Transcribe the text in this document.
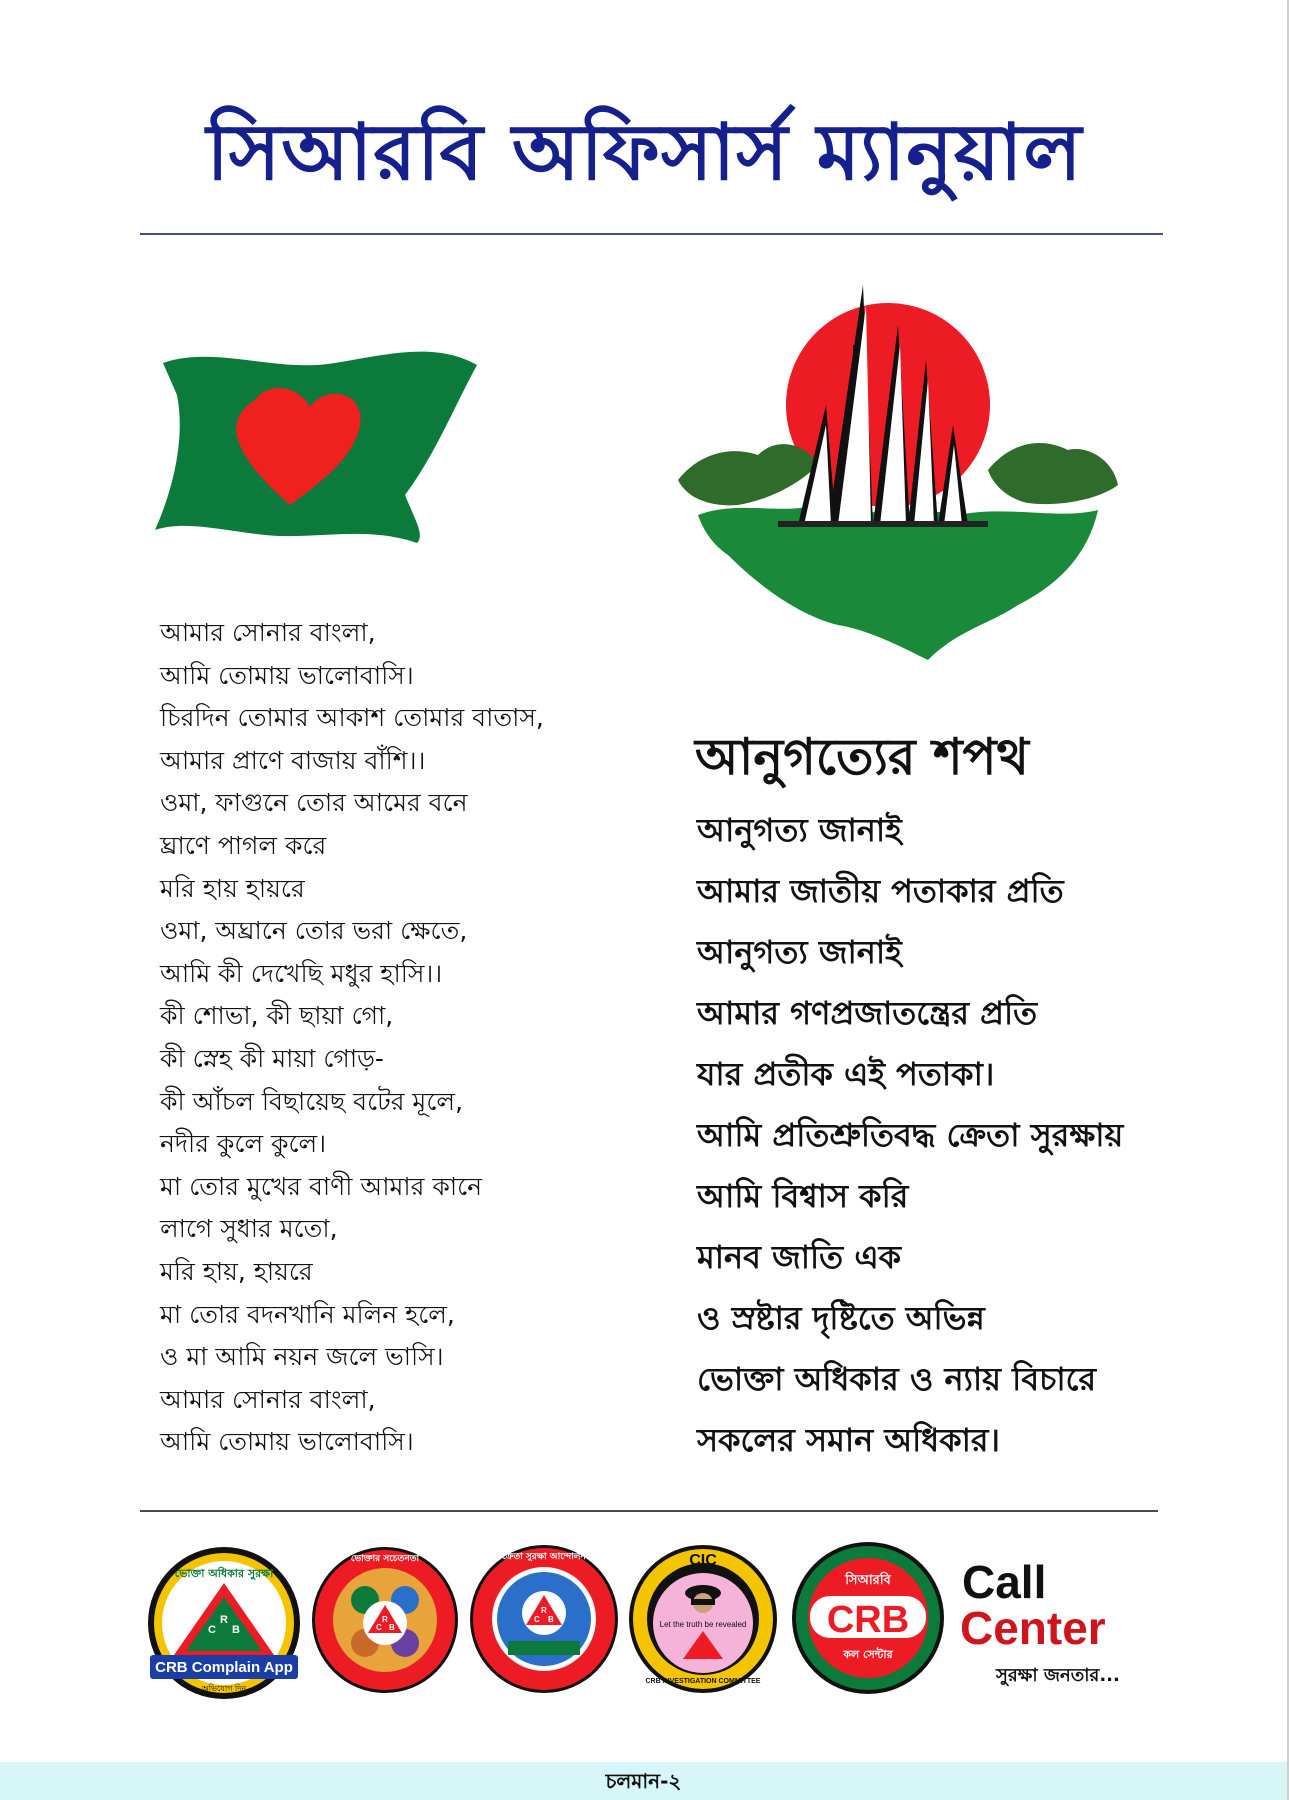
সিআরবি অফিসার্স ম্যানুয়াল
আমার সোনার বাংলা,
আমি তোমায় ভালোবাসি।
চিরদিন তোমার আকাশ তোমার বাতাস,
আমার প্রাণে বাজায় বাঁশি।।
ওমা, ফাগুনে তোর আমের বনে
ঘ্রাণে পাগল করে
মরি হায় হায়রে
ওমা, অঘ্রানে তোর ভরা ক্ষেতে,
আমি কী দেখেছি মধুর হাসি।।
কী শোভা, কী ছায়া গো,
কী স্নেহ কী মায়া গোড়-
কী আঁচল বিছায়েছ বটের মূলে,
নদীর কুলে কুলে।
মা তোর মুখের বাণী আমার কানে
লাগে সুধার মতো,
মরি হায়, হায়রে
মা তোর বদনখানি মলিন হলে,
ও মা আমি নয়ন জলে ভাসি।
আমার সোনার বাংলা,
আমি তোমায় ভালোবাসি।
আনুগত্যের শপথ
আনুগত্য জানাই
আমার জাতীয় পতাকার প্রতি
আনুগত্য জানাই
আমার গণপ্রজাতন্ত্রের প্রতি
যার প্রতীক এই পতাকা।
আমি প্রতিশ্রুতিবদ্ধ ক্রেতা সুরক্ষায়
আমি বিশ্বাস করি
মানব জাতি এক
ও স্রষ্টার দৃষ্টিতে অভিন্ন
ভোক্তা অধিকার ও ন্যায় বিচারে
সকলের সমান অধিকার।
ভোক্তা অধিকার সুরক্ষা
C
R
B
CRB Complain App
অভিযোগ দিন
C
R
B
ভোক্তার সচেতনতা
C
R
B
ক্রেতা সুরক্ষা আন্দোলন	CIC
Let the truth be revealed
CRB INVESTIGATION COMMITTEE
CRB
সিআরবি
কল সেন্টার
Call
Center
সুরক্ষা জনতার...
চলমান-২
